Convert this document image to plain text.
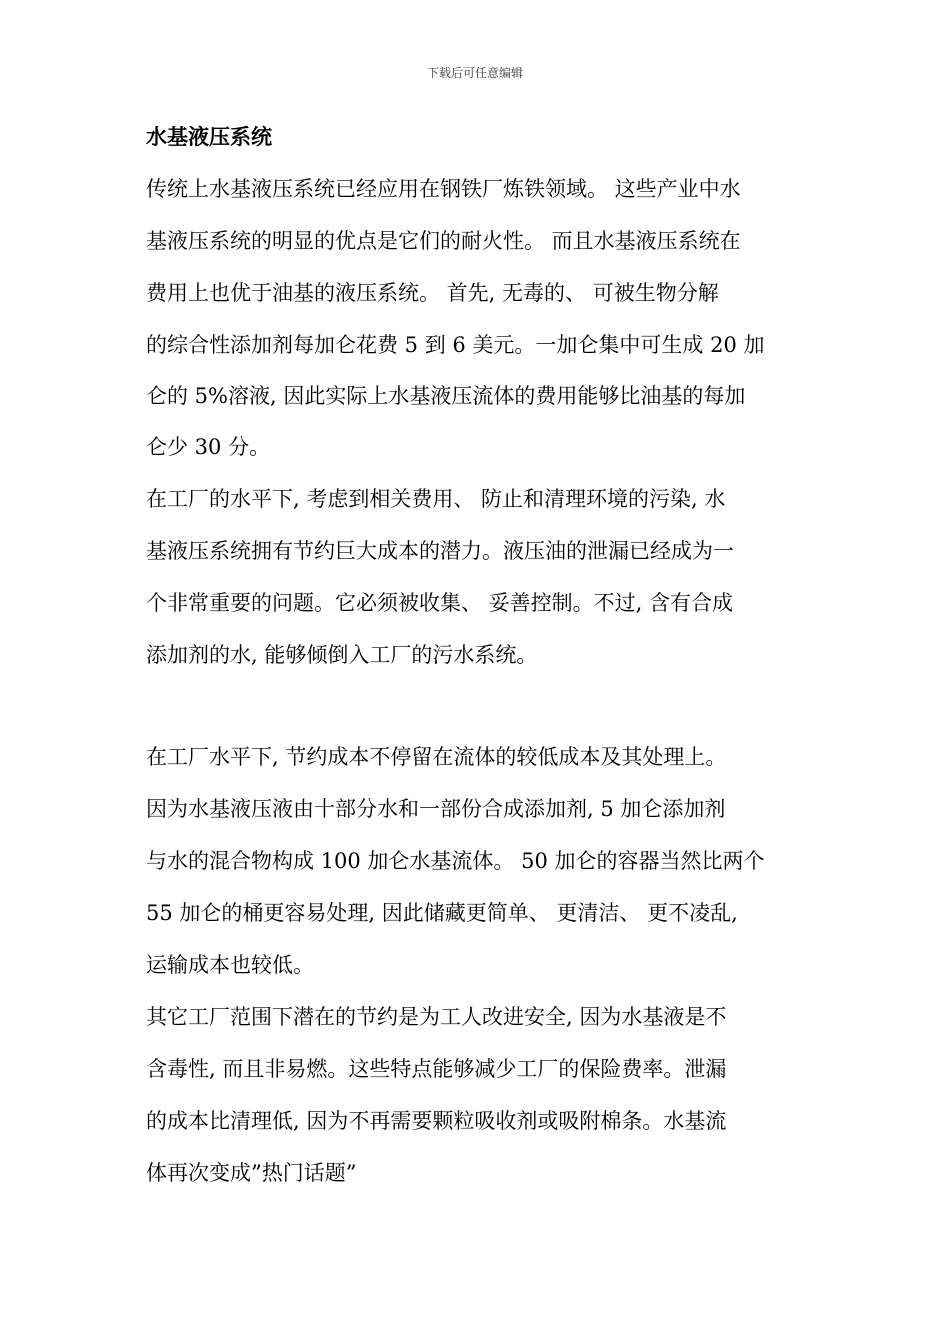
下载后可任意编辑
水基液压系统
传统上水基液压系统已经应用在钢铁厂炼铁领域。 这些产业中水
基液压系统的明显的优点是它们的耐火性。 而且水基液压系统在
费用上也优于油基的液压系统。 首先, 无毒的、 可被生物分解
的综合性添加剂每加仑花费 5 到 6 美元。一加仑集中可生成 20 加
仑的 5%溶液, 因此实际上水基液压流体的费用能够比油基的每加
仑少 30 分。
在工厂的水平下, 考虑到相关费用、 防止和清理环境的污染, 水
基液压系统拥有节约巨大成本的潜力。液压油的泄漏已经成为一
个非常重要的问题。它必须被收集、 妥善控制。不过, 含有合成
添加剂的水, 能够倾倒入工厂的污水系统。
在工厂水平下, 节约成本不停留在流体的较低成本及其处理上。
因为水基液压液由十部分水和一部份合成添加剂, 5 加仑添加剂
与水的混合物构成 100 加仑水基流体。 50 加仑的容器当然比两个
55 加仑的桶更容易处理, 因此储藏更简单、 更清洁、 更不凌乱,
运输成本也较低。
其它工厂范围下潜在的节约是为工人改进安全, 因为水基液是不
含毒性, 而且非易燃。这些特点能够减少工厂的保险费率。泄漏
的成本比清理低, 因为不再需要颗粒吸收剂或吸附棉条。水基流
体再次变成”热门话题”
